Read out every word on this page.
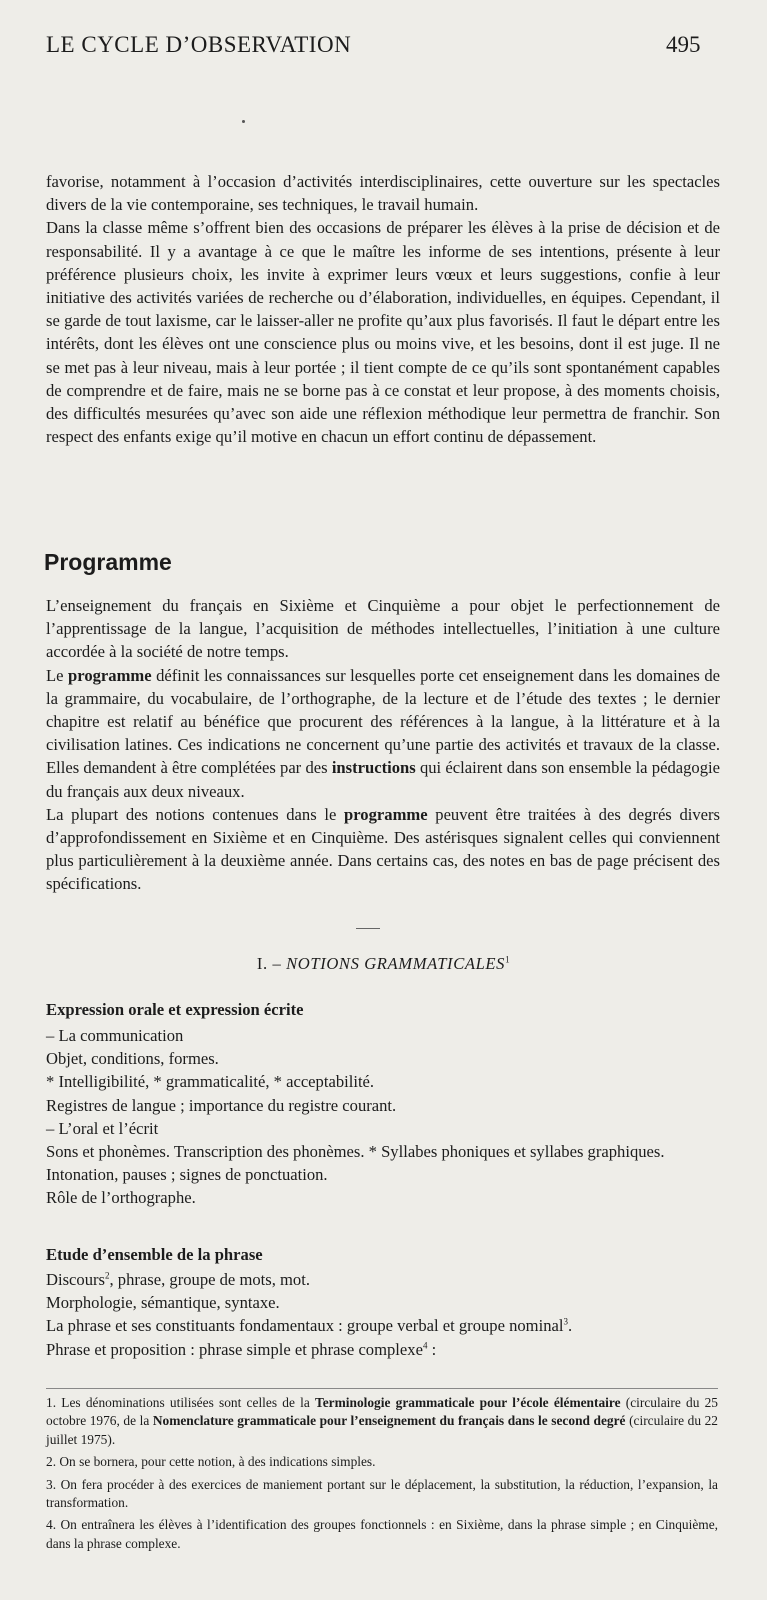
LE CYCLE D’OBSERVATION	495

favorise, notamment à l’occasion d’activités interdisciplinaires, cette ouverture sur les spectacles divers de la vie contemporaine, ses techniques, le travail humain.

Dans la classe même s’offrent bien des occasions de préparer les élèves à la prise de décision et de responsabilité. Il y a avantage à ce que le maître les informe de ses intentions, présente à leur préférence plusieurs choix, les invite à exprimer leurs vœux et leurs suggestions, confie à leur initiative des activités variées de recherche ou d’élaboration, individuelles, en équipes. Cependant, il se garde de tout laxisme, car le laisser-aller ne profite qu’aux plus favorisés. Il faut le départ entre les intérêts, dont les élèves ont une conscience plus ou moins vive, et les besoins, dont il est juge. Il ne se met pas à leur niveau, mais à leur portée ; il tient compte de ce qu’ils sont spontanément capables de comprendre et de faire, mais ne se borne pas à ce constat et leur propose, à des moments choisis, des difficultés mesurées qu’avec son aide une réflexion méthodique leur permettra de franchir. Son respect des enfants exige qu’il motive en chacun un effort continu de dépassement.

Programme

L’enseignement du français en Sixième et Cinquième a pour objet le perfectionnement de l’apprentissage de la langue, l’acquisition de méthodes intellectuelles, l’initiation à une culture accordée à la société de notre temps.

Le programme définit les connaissances sur lesquelles porte cet enseignement dans les domaines de la grammaire, du vocabulaire, de l’orthographe, de la lecture et de l’étude des textes ; le dernier chapitre est relatif au bénéfice que procurent des références à la langue, à la littérature et à la civilisation latines. Ces indications ne concernent qu’une partie des activités et travaux de la classe. Elles demandent à être complétées par des instructions qui éclairent dans son ensemble la pédagogie du français aux deux niveaux.

La plupart des notions contenues dans le programme peuvent être traitées à des degrés divers d’approfondissement en Sixième et en Cinquième. Des astérisques signalent celles qui conviennent plus particulièrement à la deuxième année. Dans certains cas, des notes en bas de page précisent des spécifications.

I. – NOTIONS GRAMMATICALES$^1$
Expression orale et expression écrite
– La communication
Objet, conditions, formes.
* Intelligibilité, * grammaticalité, * acceptabilité.
Registres de langue ; importance du registre courant.
– L’oral et l’écrit
Sons et phonèmes. Transcription des phonèmes. * Syllabes phoniques et syllabes graphiques.
Intonation, pauses ; signes de ponctuation.
Rôle de l’orthographe.
Etude d’ensemble de la phrase
Discours$^2$, phrase, groupe de mots, mot.
Morphologie, sémantique, syntaxe.
La phrase et ses constituants fondamentaux : groupe verbal et groupe nominal$^3$.
Phrase et proposition : phrase simple et phrase complexe$^4$ :

1. Les dénominations utilisées sont celles de la Terminologie grammaticale pour l’école élémentaire (circulaire du 25 octobre 1976, de la Nomenclature grammaticale pour l’enseignement du français dans le second degré (circulaire du 22 juillet 1975).

2. On se bornera, pour cette notion, à des indications simples.

3. On fera procéder à des exercices de maniement portant sur le déplacement, la substitution, la réduction, l’expansion, la transformation.

4. On entraînera les élèves à l’identification des groupes fonctionnels : en Sixième, dans la phrase simple ; en Cinquième, dans la phrase complexe.
